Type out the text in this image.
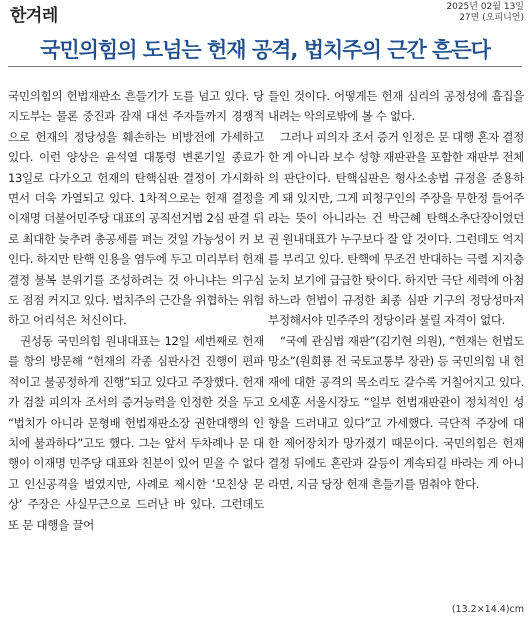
한겨레	2025년 02월 13일
27면 (오피니언)
국민의힘의 도넘는 헌재 공격, 법치주의 근간 흔든다

국민의힘의 헌법재판소 흔들기가 도를 넘고 있다. 당 지도부는 물론 중진과 잠재 대선 주자들까지 경쟁적으로 헌재의 정당성을 훼손하는 비방전에 가세하고 있다. 이런 양상은 윤석열 대통령 변론기일 종료가 13일로 다가오고 헌재의 탄핵심판 결정이 가시화하면서 더욱 가열되고 있다. 1차적으로는 헌재 결정을 이재명 더불어민주당 대표의 공직선거법 2심 판결 뒤로 최대한 늦추려 총공세를 펴는 것일 가능성이 커 보인다. 하지만 탄핵 인용을 염두에 두고 미리부터 헌재 결정 불복 분위기를 조성하려는 것 아니냐는 의구심도 점점 커지고 있다. 법치주의 근간을 위협하는 위험하고 어리석은 처신이다.

권성동 국민의힘 원내대표는 12일 세번째로 헌재를 항의 방문해 “헌재의 각종 심판사건 진행이 편파적이고 불공정하게 진행”되고 있다고 주장했다. 헌재가 검찰 피의자 조서의 증거능력을 인정한 것을 두고 “법치가 아니라 문형배 헌법재판소장 권한대행의 인치에 불과하다”고도 했다. 그는 앞서 두차례나 문 대행이 이재명 민주당 대표와 친분이 있어 믿을 수 없다고 인신공격을 벌였지만, 사례로 제시한 ‘모친상 문상’ 주장은 사실무근으로 드러난 바 있다. 그런데도 또 문 대행을 끌어

들인 것이다. 어떻게든 헌재 심리의 공정성에 흠집을 내려는 악의로밖에 볼 수 없다.

그러나 피의자 조서 증거 인정은 문 대행 혼자 결정한 게 아니라 보수 성향 재판관을 포함한 재판부 전체의 판단이다. 탄핵심판은 형사소송법 규정을 준용하게 돼 있지만, 그게 피청구인의 주장을 무한정 들어주라는 뜻이 아니라는 건 박근혜 탄핵소추단장이었던 권 원내대표가 누구보다 잘 알 것이다. 그런데도 억지를 부리고 있다. 탄핵에 무조건 반대하는 극렬 지지층 눈치 보기에 급급한 탓이다. 하지만 극단 세력에 아첨하느라 헌법이 규정한 최종 심판 기구의 정당성마저 부정해서야 민주주의 정당이라 불릴 자격이 없다.

“국예 관심법 재판”(김기현 의원), “헌재는 헌법도망소”(원희룡 전 국토교통부 장관) 등 국민의힘 내 헌재에 대한 공격의 목소리도 갈수록 거칠어지고 있다. 오세훈 서울시장도 “일부 헌법재판관이 정치적인 성향을 드러내고 있다”고 가세했다. 극단적 주장에 대한 제어장치가 망가졌기 때문이다. 국민의힘은 헌재 결정 뒤에도 혼란과 갈등이 계속되길 바라는 게 아니라면, 지금 당장 헌재 흔들기를 멈춰야 한다.

(13.2×14.4)cm
